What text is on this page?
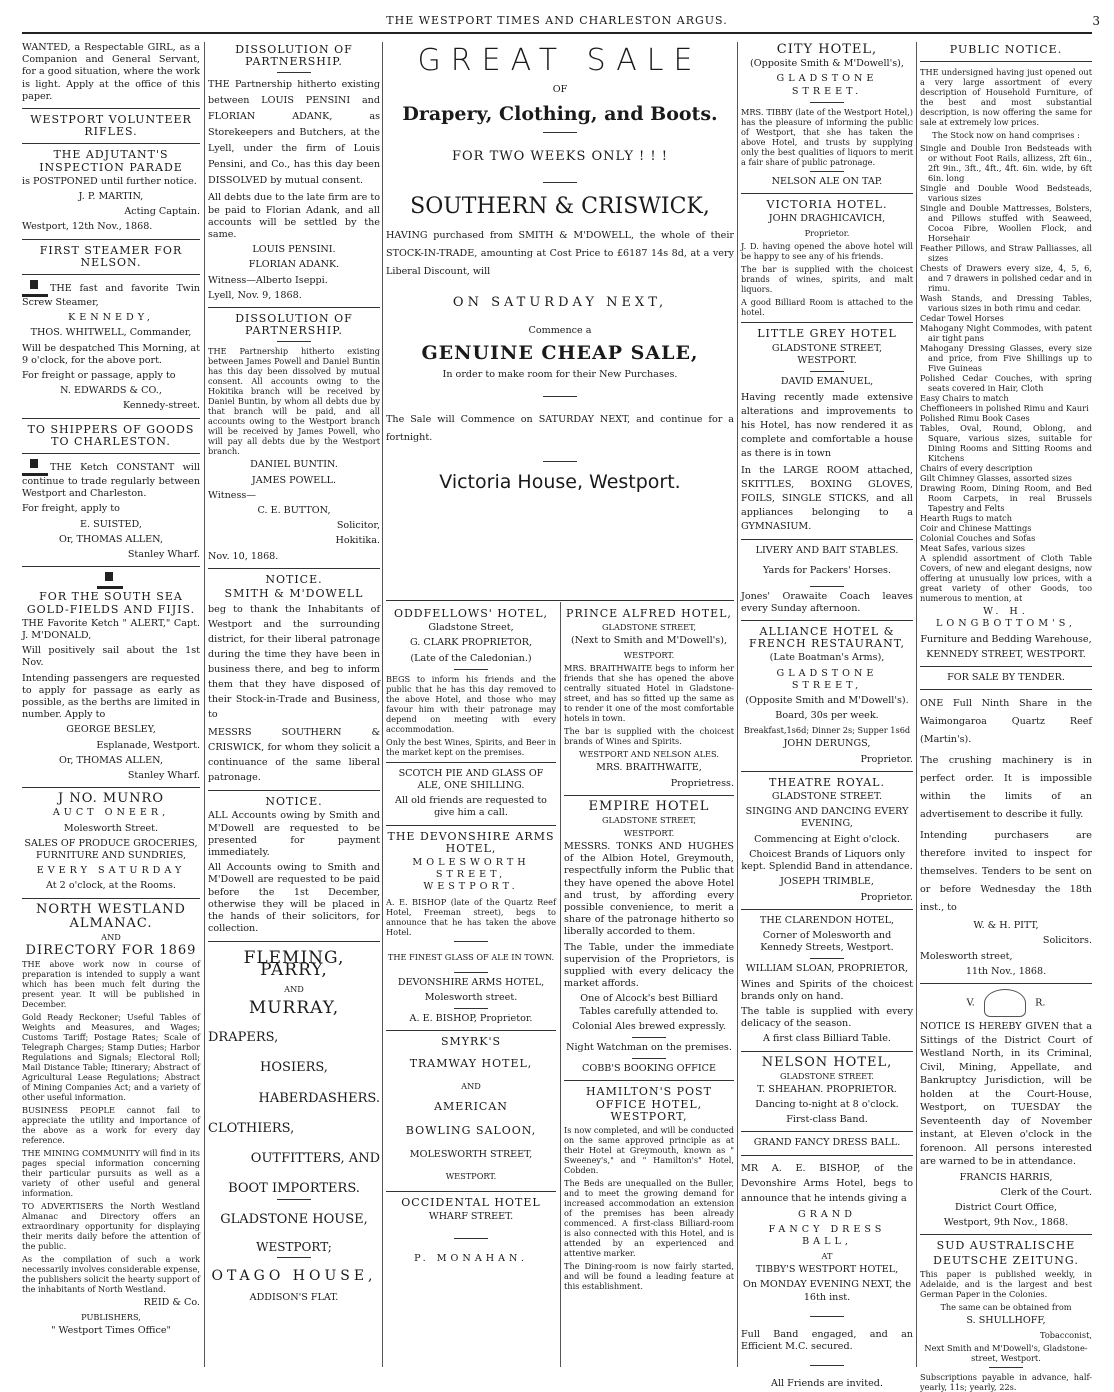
THE WESTPORT TIMES AND CHARLESTON ARGUS.	3

WANTED, a Respectable GIRL, as a Companion and General Servant, for a good situation, where the work is light. Apply at the office of this paper.

WESTPORT VOLUNTEER RIFLES.
THE ADJUTANT'S INSPECTION PARADE

is POSTPONED until further notice.

J. P. MARTIN,

Acting Captain.

Westport, 12th Nov., 1868.

FIRST STEAMER FOR NELSON.

THE fast and favorite Twin Screw Steamer,

KENNEDY,

THOS. WHITWELL, Commander,

Will be despatched This Morning, at 9 o'clock, for the above port.

For freight or passage, apply to

N. EDWARDS & CO.,

Kennedy-street.

TO SHIPPERS OF GOODS TO CHARLESTON.

THE Ketch CONSTANT will continue to trade regularly between Westport and Charleston.

For freight, apply to

E. SUISTED,

Or, THOMAS ALLEN,

Stanley Wharf.

FOR THE SOUTH SEA GOLD-FIELDS AND FIJIS.

THE Favorite Ketch " ALERT," Capt. J. M'DONALD,

Will positively sail about the 1st Nov.

Intending passengers are requested to apply for passage as early as possible, as the berths are limited in number. Apply to

GEORGE BESLEY,

Esplanade, Westport.

Or, THOMAS ALLEN,

Stanley Wharf.

J NO. MUNRO

AUCT ONEER,

Molesworth Street.

SALES OF PRODUCE GROCERIES, FURNITURE AND SUNDRIES,

EVERY SATURDAY

At 2 o'clock, at the Rooms.

NORTH WESTLAND
ALMANAC.

AND

DIRECTORY FOR 1869

THE above work now in course of preparation is intended to supply a want which has been much felt during the present year. It will be published in December.

Gold Ready Reckoner; Useful Tables of Weights and Measures, and Wages; Customs Tariff; Postage Rates; Scale of Telegraph Charges; Stamp Duties; Harbor Regulations and Signals; Electoral Roll; Mail Distance Table; Itinerary; Abstract of Agricultural Lease Regulations; Abstract of Mining Companies Act; and a variety of other useful information.

BUSINESS PEOPLE cannot fail to appreciate the utility and importance of the above as a work for every day reference.

THE MINING COMMUNITY will find in its pages special information concerning their particular pursuits as well as a variety of other useful and general information.

TO ADVERTISERS the North Westland Almanac and Directory offers an extraordinary opportunity for displaying their merits daily before the attention of the public.

As the compilation of such a work necessarily involves considerable expense, the publishers solicit the hearty support of the inhabitants of North Westland.

REID & Co.

PUBLISHERS,

" Westport Times Office"

DISSOLUTION OF PARTNERSHIP.

THE Partnership hitherto existing between LOUIS PENSINI and FLORIAN ADANK, as Storekeepers and Butchers, at the Lyell, under the firm of Louis Pensini, and Co., has this day been DISSOLVED by mutual consent.

All debts due to the late firm are to be paid to Florian Adank, and all accounts will be settled by the same.

LOUIS PENSINI.

FLORIAN ADANK.

Witness—Alberto Iseppi.

Lyell, Nov. 9, 1868.

DISSOLUTION OF PARTNERSHIP.

THE Partnership hitherto existing between James Powell and Daniel Buntin has this day been dissolved by mutual consent. All accounts owing to the Hokitika branch will be received by Daniel Buntin, by whom all debts due by that branch will be paid, and all accounts owing to the Westport branch will be received by James Powell, who will pay all debts due by the Westport branch.

DANIEL BUNTIN.

JAMES POWELL.

Witness—

C. E. BUTTON,

Solicitor,

Hokitika.

Nov. 10, 1868.

NOTICE.
SMITH & M'DOWELL

beg to thank the Inhabitants of Westport and the surrounding district, for their liberal patronage during the time they have been in business there, and beg to inform them that they have disposed of their Stock-in-Trade and Business, to

MESSRS SOUTHERN & CRISWICK, for whom they solicit a continuance of the same liberal patronage.

NOTICE.

ALL Accounts owing by Smith and M'Dowell are requested to be presented for payment immediately.

All Accounts owing to Smith and M'Dowell are requested to be paid before the 1st December, otherwise they will be placed in the hands of their solicitors, for collection.

FLEMING, PARRY,

AND

MURRAY,

DRAPERS,

HOSIERS,

HABERDASHERS.

CLOTHIERS,

OUTFITTERS, AND

BOOT IMPORTERS.

GLADSTONE HOUSE,

WESTPORT;

OTAGO HOUSE,

ADDISON'S FLAT.

GREAT SALE

OF

Drapery, Clothing, and Boots.
FOR TWO WEEKS ONLY ! ! !
SOUTHERN & CRISWICK,

HAVING purchased from SMITH & M'DOWELL, the whole of their STOCK-IN-TRADE, amounting at Cost Price to £6187 14s 8d, at a very Liberal Discount, will

ON SATURDAY NEXT,

Commence a

GENUINE CHEAP SALE,

In order to make room for their New Purchases.

The Sale will Commence on SATURDAY NEXT, and continue for a fortnight.

Victoria House, Westport.
ODDFELLOWS' HOTEL,

Gladstone Street,

G. CLARK PROPRIETOR,

(Late of the Caledonian.)

BEGS to inform his friends and the public that he has this day removed to the above Hotel, and those who may favour him with their patronage may depend on meeting with every accommodation.

Only the best Wines, Spirits, and Beer in the market kept on the premises.

SCOTCH PIE AND GLASS OF ALE, ONE SHILLING.

All old friends are requested to give him a call.

THE DEVONSHIRE ARMS HOTEL,

MOLESWORTH STREET, WESTPORT.

A. E. BISHOP (late of the Quartz Reef Hotel, Freeman street), begs to announce that he has taken the above Hotel.

THE FINEST GLASS OF ALE IN TOWN.

DEVONSHIRE ARMS HOTEL,

Molesworth street.

A. E. BISHOP, Proprietor.

SMYRK'S
TRAMWAY HOTEL,

AND

AMERICAN
BOWLING SALOON,

MOLESWORTH STREET,

WESTPORT.

OCCIDENTAL HOTEL

WHARF STREET.

P. MONAHAN.

PRINCE ALFRED HOTEL,

GLADSTONE STREET,

(Next to Smith and M'Dowell's),

WESTPORT.

MRS. BRAITHWAITE begs to inform her friends that she has opened the above centrally situated Hotel in Gladstone-street, and has so fitted up the same as to render it one of the most comfortable hotels in town.

The bar is supplied with the choicest brands of Wines and Spirits.

WESTPORT AND NELSON ALES.

MRS. BRAITHWAITE,

Proprietress.

EMPIRE HOTEL

GLADSTONE STREET,

WESTPORT.

MESSRS. TONKS AND HUGHES of the Albion Hotel, Greymouth, respectfully inform the Public that they have opened the above Hotel and trust, by affording every possible convenience, to merit a share of the patronage hitherto so liberally accorded to them.

The Table, under the immediate supervision of the Proprietors, is supplied with every delicacy the market affords.

One of Alcock's best Billiard Tables carefully attended to.

Colonial Ales brewed expressly.

Night Watchman on the premises.

COBB'S BOOKING OFFICE

HAMILTON'S POST OFFICE HOTEL, WESTPORT,

Is now completed, and will be conducted on the same approved principle as at their Hotel at Greymouth, known as " Sweeney's," and " Hamilton's" Hotel, Cobden.

The Beds are unequalled on the Buller, and to meet the growing demand for increased accommodation an extension of the premises has been already commenced. A first-class Billiard-room is also connected with this Hotel, and is attended by an experienced and attentive marker.

The Dining-room is now fairly started, and will be found a leading feature at this establishment.

CITY HOTEL,

(Opposite Smith & M'Dowell's),

GLADSTONE STREET.

MRS. TIBBY (late of the Westport Hotel,) has the pleasure of informing the public of Westport, that she has taken the above Hotel, and trusts by supplying only the best qualities of liquors to merit a fair share of public patronage.

NELSON ALE ON TAP.

VICTORIA HOTEL.

JOHN DRAGHICAVICH,

Proprietor.

J. D. having opened the above hotel will be happy to see any of his friends.

The bar is supplied with the choicest brands of wines, spirits, and malt liquors.

A good Billiard Room is attached to the hotel.

LITTLE GREY HOTEL

GLADSTONE STREET, WESTPORT.

DAVID EMANUEL,

Having recently made extensive alterations and improvements to his Hotel, has now rendered it as complete and comfortable a house as there is in town

In the LARGE ROOM attached, SKITTLES, BOXING GLOVES, FOILS, SINGLE STICKS, and all appliances belonging to a GYMNASIUM.

LIVERY AND BAIT STABLES.

Yards for Packers' Horses.

Jones' Orawaite Coach leaves every Sunday afternoon.

ALLIANCE HOTEL & FRENCH RESTAURANT,

(Late Boatman's Arms),

GLADSTONE STREET,

(Opposite Smith and M'Dowell's).

Board, 30s per week.

Breakfast,1s6d; Dinner 2s; Supper 1s6d

JOHN DERUNGS,

Proprietor.

THEATRE ROYAL.

GLADSTONE STREET.

SINGING AND DANCING EVERY EVENING,

Commencing at Eight o'clock.

Choicest Brands of Liquors only kept. Splendid Band in attendance.

JOSEPH TRIMBLE,

Proprietor.

THE CLARENDON HOTEL,

Corner of Molesworth and Kennedy Streets, Westport.

WILLIAM SLOAN, PROPRIETOR,

Wines and Spirits of the choicest brands only on hand.

The table is supplied with every delicacy of the season.

A first class Billiard Table.

NELSON HOTEL,

GLADSTONE STREET.

T. SHEAHAN. PROPRIETOR.

Dancing to-night at 8 o'clock.

First-class Band.

GRAND FANCY DRESS BALL.

MR A. E. BISHOP, of the Devonshire Arms Hotel, begs to announce that he intends giving a

GRAND

FANCY DRESS BALL,

AT

TIBBY'S WESTPORT HOTEL,

On MONDAY EVENING NEXT, the 16th inst.

Full Band engaged, and an Efficient M.C. secured.

All Friends are invited.

PUBLIC NOTICE.

THE undersigned having just opened out a very large assortment of every description of Household Furniture, of the best and most substantial description, is now offering the same for sale at extremely low prices.

The Stock now on hand comprises :

Single and Double Iron Bedsteads with or without Foot Rails, allizess, 2ft 6in., 2ft 9in., 3ft., 4ft., 4ft. 6in. wide, by 6ft 6in. long

Single and Double Wood Bedsteads, various sizes

Single and Double Mattresses, Bolsters, and Pillows stuffed with Seaweed, Cocoa Fibre, Woollen Flock, and Horsehair

Feather Pillows, and Straw Palliasses, all sizes

Chests of Drawers every size, 4, 5, 6, and 7 drawers in polished cedar and in rimu.

Wash Stands, and Dressing Tables, various sizes in both rimu and cedar.

Cedar Towel Horses

Mahogany Night Commodes, with patent air tight pans

Mahogany Dressing Glasses, every size and price, from Five Shillings up to Five Guineas

Polished Cedar Couches, with spring seats covered in Hair, Cloth

Easy Chairs to match

Cheffioneers in polished Rimu and Kauri

Polished Rimu Book Cases

Tables, Oval, Round, Oblong, and Square, various sizes, suitable for Dining Rooms and Sitting Rooms and Kitchens

Chairs of every description

Gilt Chimney Glasses, assorted sizes

Drawing Room, Dining Room, and Bed Room Carpets, in real Brussels Tapestry and Felts

Hearth Rugs to match

Coir and Chinese Mattings

Colonial Couches and Sofas

Meat Safes, various sizes

A splendid assortment of Cloth Table Covers, of new and elegant designs, now offering at unusually low prices, with a great variety of other Goods, too numerous to mention, at

W. H. LONGBOTTOM'S,

Furniture and Bedding Warehouse,

KENNEDY STREET, WESTPORT.

FOR SALE BY TENDER.

ONE Full Ninth Share in the Waimongaroa Quartz Reef (Martin's).

The crushing machinery is in perfect order. It is impossible within the limits of an advertisement to describe it fully.

Intending purchasers are therefore invited to inspect for themselves. Tenders to be sent on or before Wednesday the 18th inst., to

W. & H. PITT,

Solicitors.

Molesworth street,

11th Nov., 1868.

V.	R.

NOTICE IS HEREBY GIVEN that a Sittings of the District Court of Westland North, in its Criminal, Civil, Mining, Appellate, and Bankruptcy Jurisdiction, will be holden at the Court-House, Westport, on TUESDAY the Seventeenth day of November instant, at Eleven o'clock in the forenoon. All persons interested are warned to be in attendance.

FRANCIS HARRIS,

Clerk of the Court.

District Court Office,

Westport, 9th Nov., 1868.

SUD AUSTRALISCHE
DEUTSCHE ZEITUNG.

This paper is published weekly, in Adelaide, and is the largest and best German Paper in the Colonies.

The same can be obtained from

S. SHULLHOFF,

Tobacconist,

Next Smith and M'Dowell's, Gladstone-street, Westport.

Subscriptions payable in advance, half-yearly, 11s; yearly, 22s.
